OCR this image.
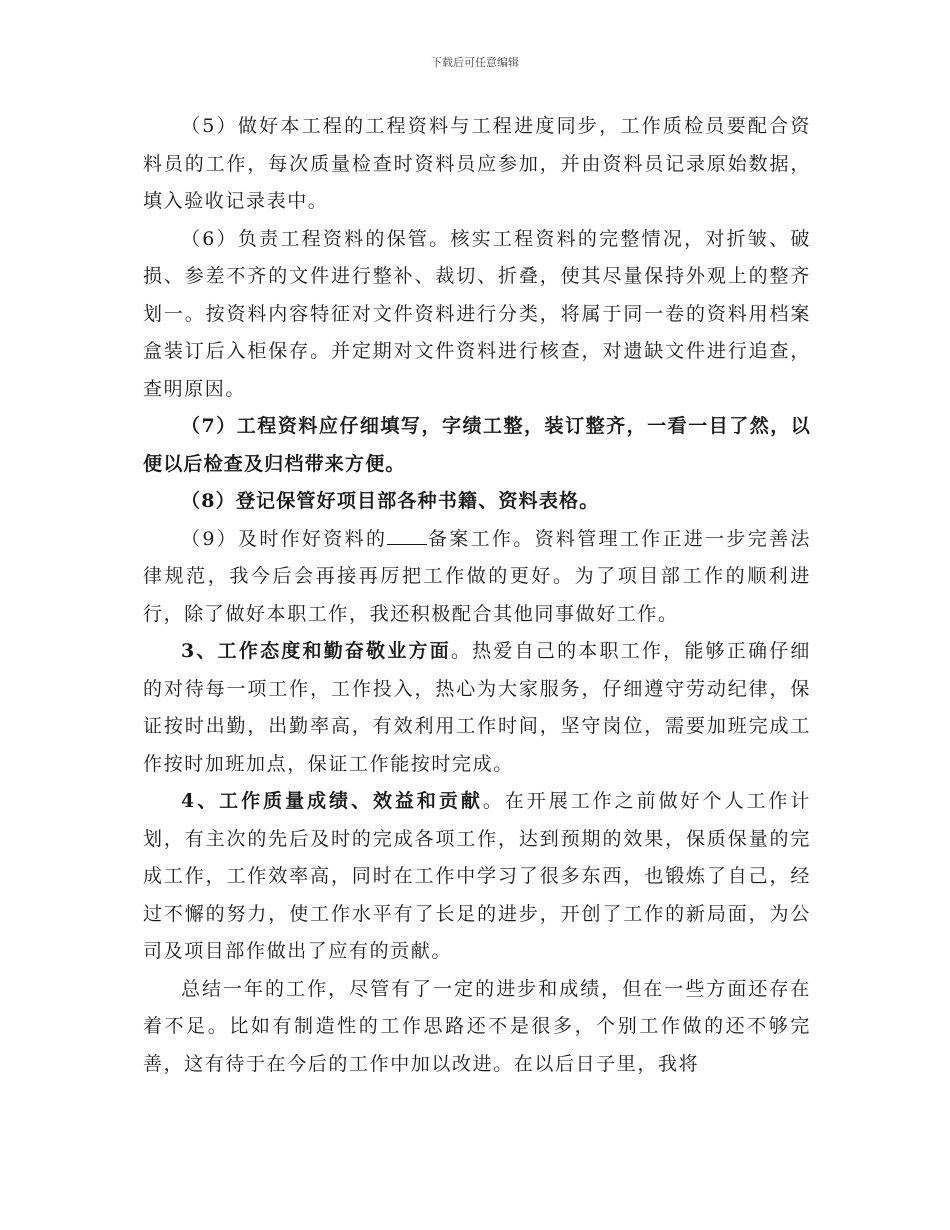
下载后可任意编辑

（5）做好本工程的工程资料与工程进度同步，工作质检员要配合资料员的工作，每次质量检查时资料员应参加，并由资料员记录原始数据，填入验收记录表中。

（6）负责工程资料的保管。核实工程资料的完整情况，对折皱、破损、参差不齐的文件进行整补、裁切、折叠，使其尽量保持外观上的整齐划一。按资料内容特征对文件资料进行分类，将属于同一卷的资料用档案盒装订后入柜保存。并定期对文件资料进行核查，对遗缺文件进行追查，查明原因。

（7）工程资料应仔细填写，字绩工整，装订整齐，一看一目了然，以便以后检查及归档带来方便。

（8）登记保管好项目部各种书籍、资料表格。

（9）及时作好资料的 备案工作。资料管理工作正进一步完善法律规范，我今后会再接再厉把工作做的更好。为了项目部工作的顺利进行，除了做好本职工作，我还积极配合其他同事做好工作。

3、工作态度和勤奋敬业方面。热爱自己的本职工作，能够正确仔细的对待每一项工作，工作投入，热心为大家服务，仔细遵守劳动纪律，保证按时出勤，出勤率高，有效利用工作时间，坚守岗位，需要加班完成工作按时加班加点，保证工作能按时完成。

4、工作质量成绩、效益和贡献。在开展工作之前做好个人工作计划，有主次的先后及时的完成各项工作，达到预期的效果，保质保量的完成工作，工作效率高，同时在工作中学习了很多东西，也锻炼了自己，经过不懈的努力，使工作水平有了长足的进步，开创了工作的新局面，为公司及项目部作做出了应有的贡献。

总结一年的工作，尽管有了一定的进步和成绩，但在一些方面还存在着不足。比如有制造性的工作思路还不是很多，个别工作做的还不够完善，这有待于在今后的工作中加以改进。在以后日子里，我将
